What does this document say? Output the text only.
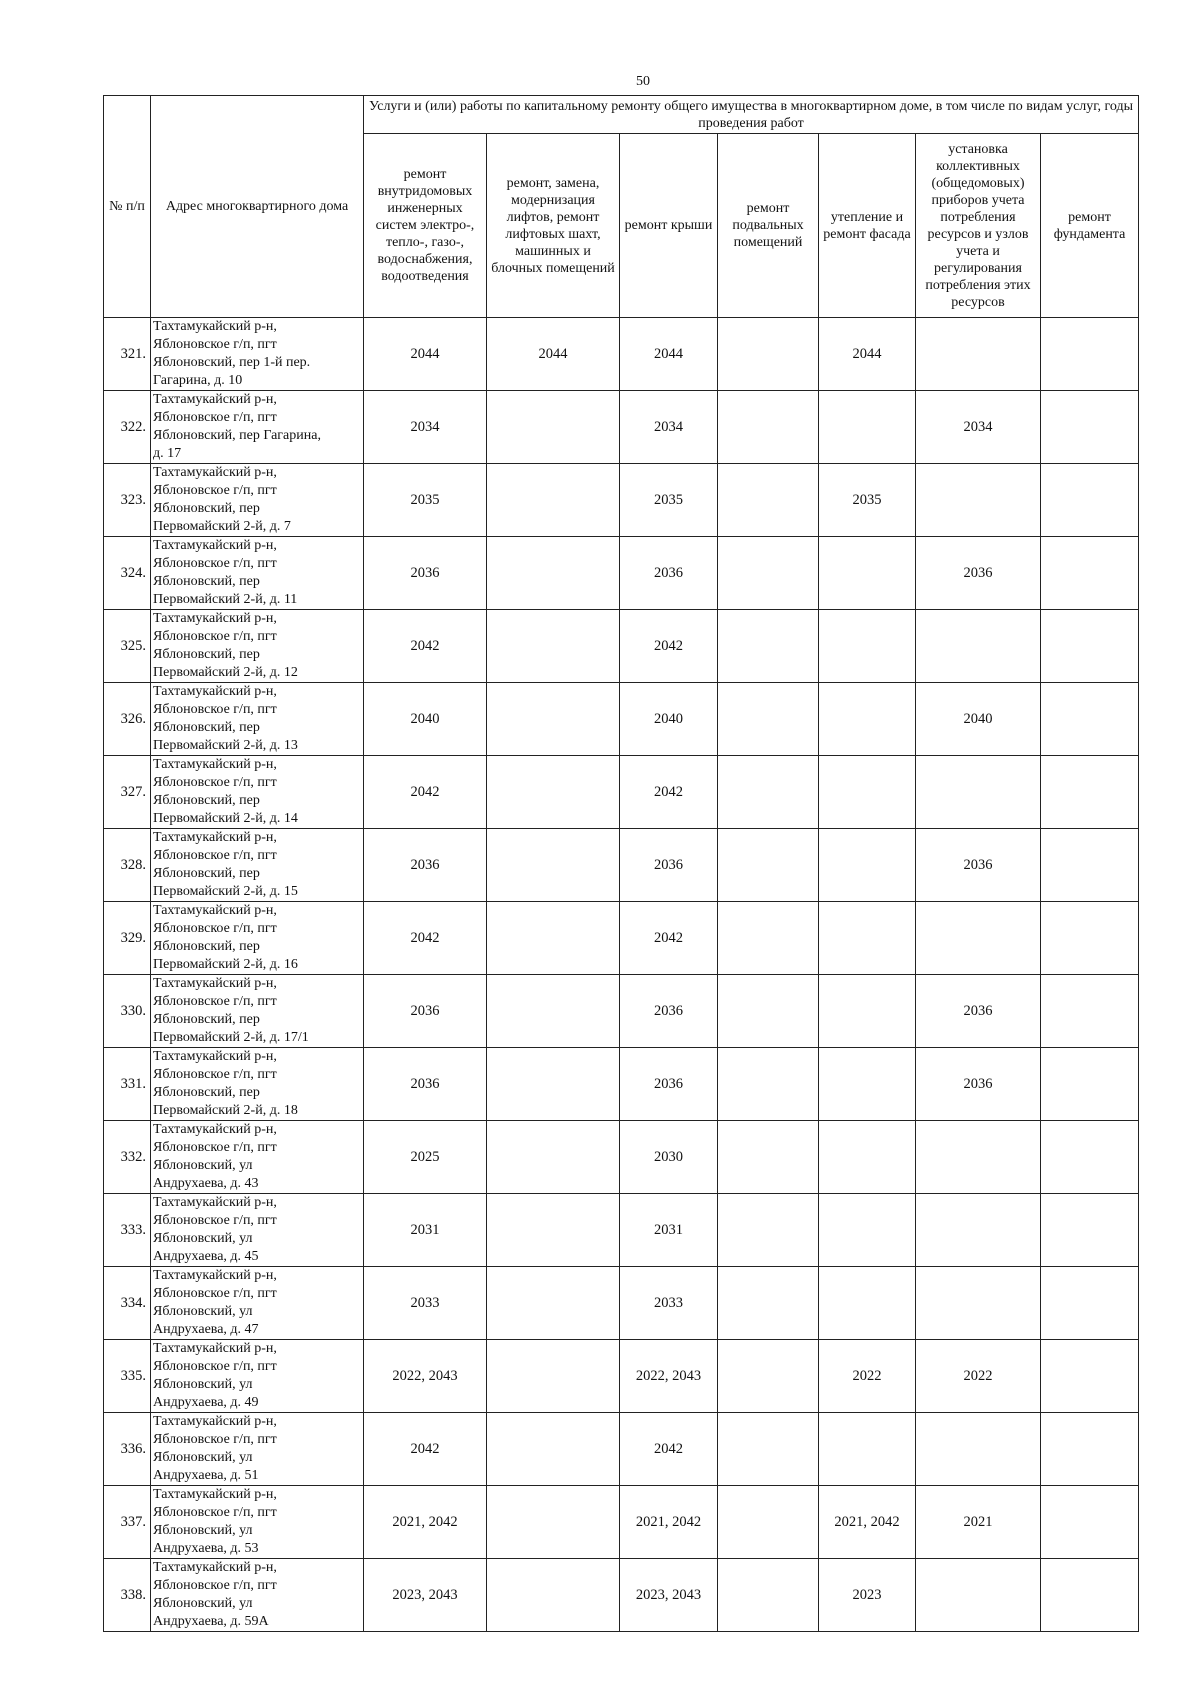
50
№ п/п	Адрес многоквартирного дома	Услуги и (или) работы по капитальному ремонту общего имущества в многоквартирном доме, в том числе по видам услуг, годы проведения работ						
		ремонт внутридомовых инженерных систем электро-, тепло-, газо-, водоснабжения, водоотведения	ремонт, замена, модернизация лифтов, ремонт лифтовых шахт, машинных и блочных помещений	ремонт крыши	ремонт подвальных помещений	утепление и ремонт фасада	установка коллективных (общедомовых) приборов учета потребления ресурсов и узлов учета и регулирования потребления этих ресурсов	ремонт фундамента
321.	Тахтамукайский р-н,
Яблоновское г/п, пгт
Яблоновский, пер 1-й пер.
Гагарина, д. 10	2044	2044	2044		2044		
322.	Тахтамукайский р-н,
Яблоновское г/п, пгт
Яблоновский, пер Гагарина,
д. 17	2034		2034			2034	
323.	Тахтамукайский р-н,
Яблоновское г/п, пгт
Яблоновский, пер
Первомайский 2-й, д. 7	2035		2035		2035		
324.	Тахтамукайский р-н,
Яблоновское г/п, пгт
Яблоновский, пер
Первомайский 2-й, д. 11	2036		2036			2036	
325.	Тахтамукайский р-н,
Яблоновское г/п, пгт
Яблоновский, пер
Первомайский 2-й, д. 12	2042		2042				
326.	Тахтамукайский р-н,
Яблоновское г/п, пгт
Яблоновский, пер
Первомайский 2-й, д. 13	2040		2040			2040	
327.	Тахтамукайский р-н,
Яблоновское г/п, пгт
Яблоновский, пер
Первомайский 2-й, д. 14	2042		2042				
328.	Тахтамукайский р-н,
Яблоновское г/п, пгт
Яблоновский, пер
Первомайский 2-й, д. 15	2036		2036			2036	
329.	Тахтамукайский р-н,
Яблоновское г/п, пгт
Яблоновский, пер
Первомайский 2-й, д. 16	2042		2042				
330.	Тахтамукайский р-н,
Яблоновское г/п, пгт
Яблоновский, пер
Первомайский 2-й, д. 17/1	2036		2036			2036	
331.	Тахтамукайский р-н,
Яблоновское г/п, пгт
Яблоновский, пер
Первомайский 2-й, д. 18	2036		2036			2036	
332.	Тахтамукайский р-н,
Яблоновское г/п, пгт
Яблоновский, ул
Андрухаева, д. 43	2025		2030				
333.	Тахтамукайский р-н,
Яблоновское г/п, пгт
Яблоновский, ул
Андрухаева, д. 45	2031		2031				
334.	Тахтамукайский р-н,
Яблоновское г/п, пгт
Яблоновский, ул
Андрухаева, д. 47	2033		2033				
335.	Тахтамукайский р-н,
Яблоновское г/п, пгт
Яблоновский, ул
Андрухаева, д. 49	2022, 2043		2022, 2043		2022	2022	
336.	Тахтамукайский р-н,
Яблоновское г/п, пгт
Яблоновский, ул
Андрухаева, д. 51	2042		2042				
337.	Тахтамукайский р-н,
Яблоновское г/п, пгт
Яблоновский, ул
Андрухаева, д. 53	2021, 2042		2021, 2042		2021, 2042	2021	
338.	Тахтамукайский р-н,
Яблоновское г/п, пгт
Яблоновский, ул
Андрухаева, д. 59А	2023, 2043		2023, 2043		2023		
